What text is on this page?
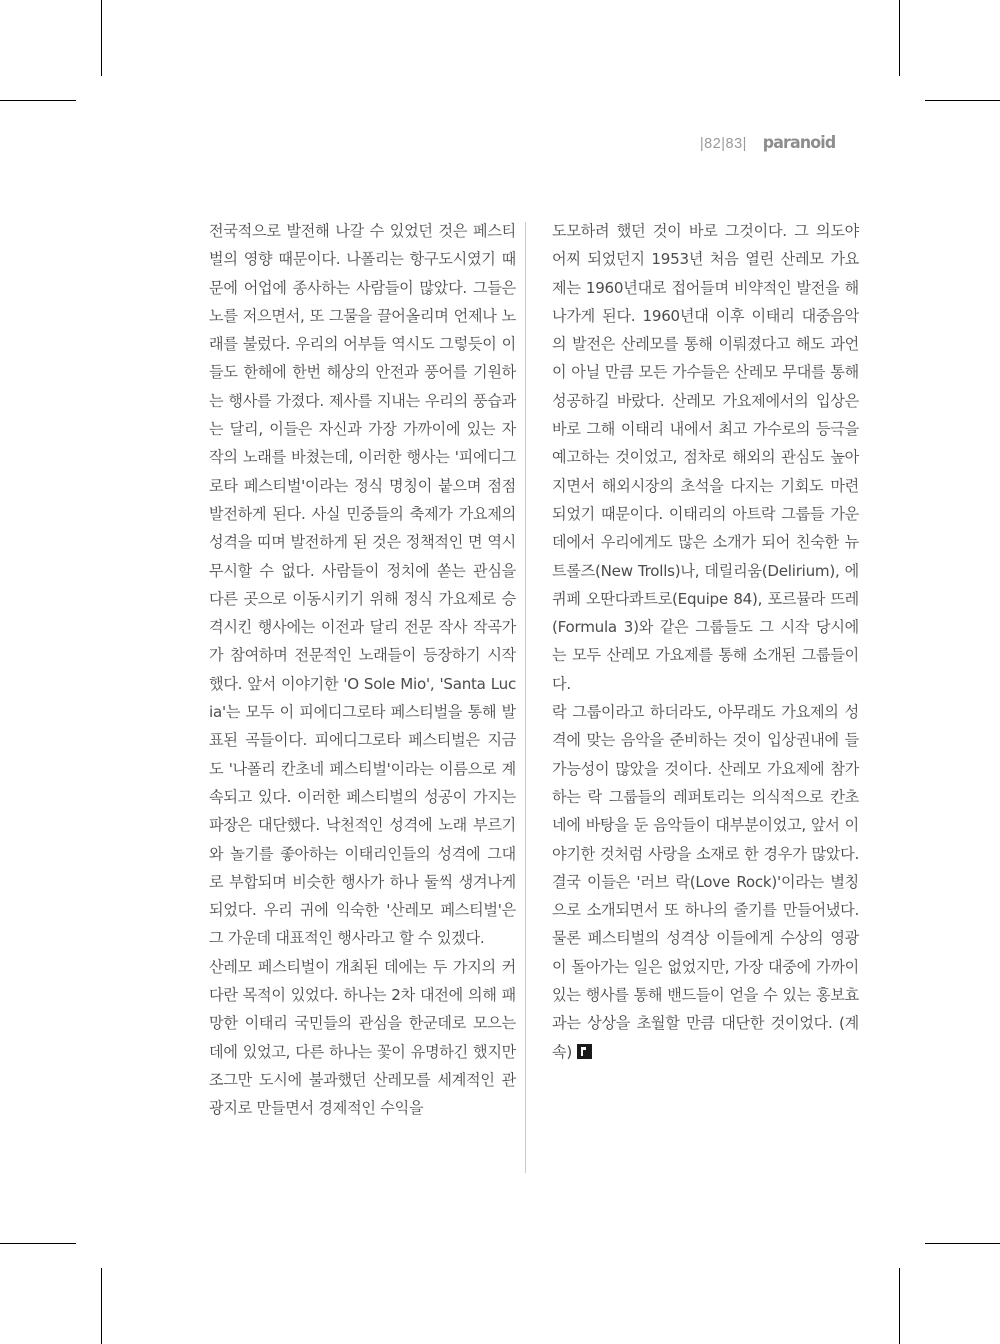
|82|83| paranoid

전국적으로 발전해 나갈 수 있었던 것은 페스티벌의 영향 때문이다. 나폴리는 항구도시였기 때문에 어업에 종사하는 사람들이 많았다. 그들은 노를 저으면서, 또 그물을 끌어올리며 언제나 노래를 불렀다. 우리의 어부들 역시도 그렇듯이 이들도 한해에 한번 해상의 안전과 풍어를 기원하는 행사를 가졌다. 제사를 지내는 우리의 풍습과는 달리, 이들은 자신과 가장 가까이에 있는 자작의 노래를 바쳤는데, 이러한 행사는 '피에디그로타 페스티벌'이라는 정식 명칭이 붙으며 점점 발전하게 된다. 사실 민중들의 축제가 가요제의 성격을 띠며 발전하게 된 것은 정책적인 면 역시 무시할 수 없다. 사람들이 정치에 쏟는 관심을 다른 곳으로 이동시키기 위해 정식 가요제로 승격시킨 행사에는 이전과 달리 전문 작사 작곡가가 참여하며 전문적인 노래들이 등장하기 시작했다. 앞서 이야기한 'O Sole Mio', 'Santa Lucia'는 모두 이 피에디그로타 페스티벌을 통해 발표된 곡들이다. 피에디그로타 페스티벌은 지금도 '나폴리 칸초네 페스티벌'이라는 이름으로 계속되고 있다. 이러한 페스티벌의 성공이 가지는 파장은 대단했다. 낙천적인 성격에 노래 부르기와 놀기를 좋아하는 이태리인들의 성격에 그대로 부합되며 비슷한 행사가 하나 둘씩 생겨나게 되었다. 우리 귀에 익숙한 '산레모 페스티벌'은 그 가운데 대표적인 행사라고 할 수 있겠다.

산레모 페스티벌이 개최된 데에는 두 가지의 커다란 목적이 있었다. 하나는 2차 대전에 의해 패망한 이태리 국민들의 관심을 한군데로 모으는 데에 있었고, 다른 하나는 꽃이 유명하긴 했지만 조그만 도시에 불과했던 산레모를 세계적인 관광지로 만들면서 경제적인 수익을

도모하려 했던 것이 바로 그것이다. 그 의도야 어찌 되었던지 1953년 처음 열린 산레모 가요제는 1960년대로 접어들며 비약적인 발전을 해 나가게 된다. 1960년대 이후 이태리 대중음악의 발전은 산레모를 통해 이뤄졌다고 해도 과언이 아닐 만큼 모든 가수들은 산레모 무대를 통해 성공하길 바랐다. 산레모 가요제에서의 입상은 바로 그해 이태리 내에서 최고 가수로의 등극을 예고하는 것이었고, 점차로 해외의 관심도 높아지면서 해외시장의 초석을 다지는 기회도 마련되었기 때문이다. 이태리의 아트락 그룹들 가운데에서 우리에게도 많은 소개가 되어 친숙한 뉴 트롤즈(New Trolls)나, 데릴리움(Delirium), 에퀴페 오딴다콰트로(Equipe 84), 포르뮬라 뜨레(Formula 3)와 같은 그룹들도 그 시작 당시에는 모두 산레모 가요제를 통해 소개된 그룹들이다.

락 그룹이라고 하더라도, 아무래도 가요제의 성격에 맞는 음악을 준비하는 것이 입상권내에 들 가능성이 많았을 것이다. 산레모 가요제에 참가하는 락 그룹들의 레퍼토리는 의식적으로 칸초네에 바탕을 둔 음악들이 대부분이었고, 앞서 이야기한 것처럼 사랑을 소재로 한 경우가 많았다. 결국 이들은 '러브 락(Love Rock)'이라는 별칭으로 소개되면서 또 하나의 줄기를 만들어냈다. 물론 페스티벌의 성격상 이들에게 수상의 영광이 돌아가는 일은 없었지만, 가장 대중에 가까이 있는 행사를 통해 밴드들이 얻을 수 있는 홍보효과는 상상을 초월할 만큼 대단한 것이었다. (계속)
